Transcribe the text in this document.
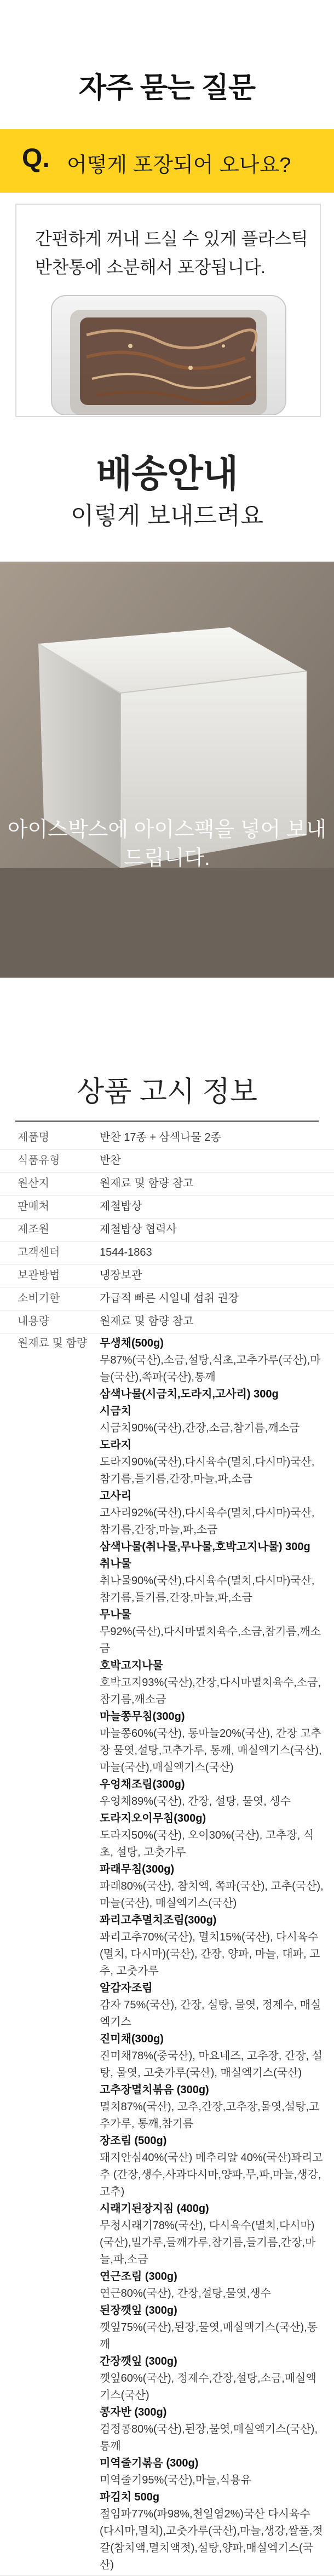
자주 묻는 질문
Q. 어떻게 포장되어 오나요?
간편하게 꺼내 드실 수 있게 플라스틱 반찬통에 소분해서 포장됩니다.
배송안내
이렇게 보내드려요
아이스박스에 아이스팩을 넣어 보내드립니다.
상품 고시 정보
제품명	반찬 17종 + 삼색나물 2종
식품유형	반찬
원산지	원재료 및 함량 참고
판매처	제철밥상
제조원	제철밥상 협력사
고객센터	1544-1863
보관방법	냉장보관
소비기한	가급적 빠른 시일내 섭취 권장
내용량	원재료 및 함량 참고
원재료 및 함량	무생채(500g)
무87%(국산),소금,설탕,식초,고추가루(국산),마늘(국산),쪽파(국산),통깨
삼색나물(시금치,도라지,고사리) 300g
시금치
시금치90%(국산),간장,소금,참기름,깨소금
도라지
도라지90%(국산),다시육수(멸치,다시마)국산, 참기름,들기름,간장,마늘,파,소금
고사리
고사리92%(국산),다시육수(멸치,다시마)국산, 참기름,간장,마늘,파,소금
삼색나물(취나물,무나물,호박고지나물) 300g
취나물
취나물90%(국산),다시육수(멸치,다시마)국산,참기름,들기름,간장,마늘,파,소금
무나물
무92%(국산),다시마멸치육수,소금,참기름,깨소금
호박고지나물
호박고지93%(국산),간장,다시마멸치육수,소금,참기름,깨소금
마늘쫑무침(300g)
마늘쫑60%(국산), 통마늘20%(국산), 간장 고추장 물엿,설탕,고추가루, 통깨, 매실엑기스(국산), 마늘(국산),매실엑기스(국산)
우엉채조림(300g)
우엉채89%(국산), 간장, 설탕, 물엿, 생수
도라지오이무침(300g)
도라지50%(국산), 오이30%(국산), 고추장, 식초, 설탕, 고춧가루
파래무침(300g)
파래80%(국산), 참치액, 쪽파(국산), 고추(국산),마늘(국산), 매실엑기스(국산)
꽈리고추멸치조림(300g)
꽈리고추70%(국산), 멸치15%(국산), 다시육수(멸치, 다시마)(국산), 간장, 양파, 마늘, 대파, 고추, 고춧가루
알감자조림
감자 75%(국산), 간장, 설탕, 물엿, 정제수, 매실엑기스
진미채(300g)
진미채78%(중국산), 마요네즈, 고추장, 간장, 설탕, 물엿, 고춧가루(국산), 매실엑기스(국산)
고추장멸치볶음 (300g)
멸치87%(국산), 고추,간장,고추장,물엿,설탕,고추가루, 통깨,참기름
장조림 (500g)
돼지안심40%(국산) 메추리알 40%(국산)꽈리고추 (간장,생수,사과다시마,양파,무,파,마늘,생강,고추)
시래기된장지짐 (400g)
무청시래기78%(국산), 다시육수(멸치,다시마)(국산),밀가루,들깨가루,참기름,들기름,간장,마늘,파,소금
연근조림 (300g)
연근80%(국산), 간장,설탕,물엿,생수
된장깻잎 (300g)
깻잎75%(국산),된장,물엿,매실액기스(국산),통깨
간장깻잎 (300g)
깻잎60%(국산), 정제수,간장,설탕,소금,매실액기스(국산)
콩자반 (300g)
검정콩80%(국산),된장,물엿,매실액기스(국산),통깨
미역줄기볶음 (300g)
미역줄기95%(국산),마늘,식용유
파김치 500g
절임파77%(파98%,천일염2%)국산 다시육수(다시마,멸치),고춧가루(국산),마늘,생강,쌀풀,젓갈(참치액,멸치액젓),설탕,양파,매실엑기스(국산)
